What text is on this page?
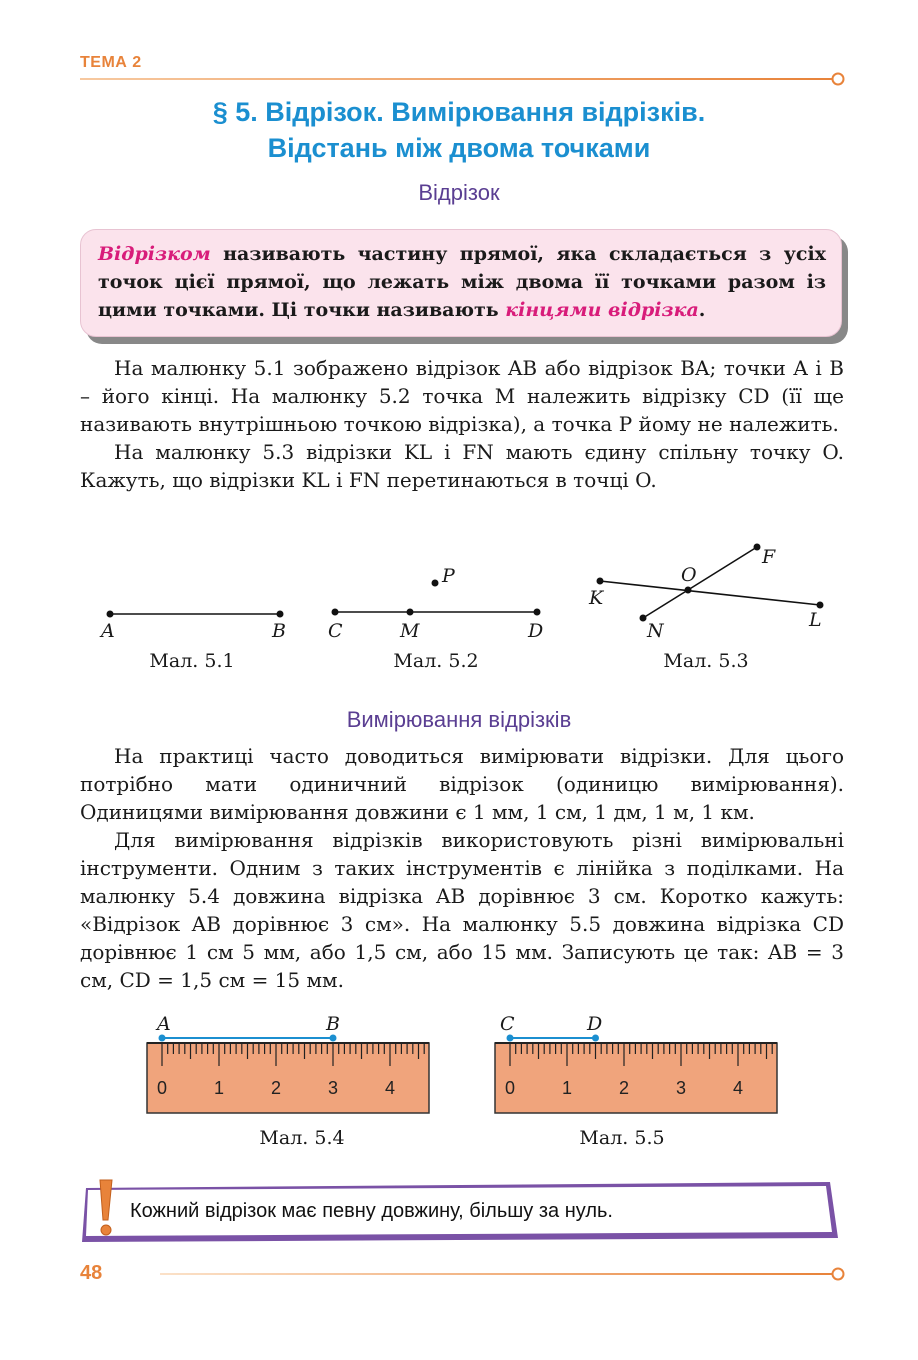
ТЕМА 2
§ 5. Відрізок. Вимірювання відрізків.
Відстань між двома точками
Відрізок
Відрізком називають частину прямої, яка складається з усіх точок цієї прямої, що лежать між двома її точками разом із цими точками. Ці точки називають кінцями відрізка.

На малюнку 5.1 зображено відрізок AB або відрізок BA; точки A і B – його кінці. На малюнку 5.2 точка M належить відрізку CD (її ще називають внутрішньою точкою відрізка), а точка P йому не належить.

На малюнку 5.3 відрізки KL і FN мають єдину спільну точку O. Кажуть, що відрізки KL і FN перетинаються в точці O.

A	B C	M	D
P
K
L
F
N
O
Мал. 5.1	Мал. 5.2	Мал. 5.3
Вимірювання відрізків

На практиці часто доводиться вимірювати відрізки. Для цього потрібно мати одиничний відрізок (одиницю вимірювання). Одиницями вимірювання довжини є 1 мм, 1 см, 1 дм, 1 м, 1 км.

Для вимірювання відрізків використовують різні вимірювальні інструменти. Одним з таких інструментів є лінійка з поділками. На малюнку 5.4 довжина відрізка AB дорівнює 3 см. Коротко кажуть: «Відрізок AB дорівнює 3 см». На малюнку 5.5 довжина відрізка CD дорівнює 1 см 5 мм, або 1,5 см, або 15 мм. Записують це так: AB = 3 см, CD = 1,5 см = 15 мм.

0	1	2	3	4	0	1	2	3	4
A	B	C	D
Мал. 5.4	Мал. 5.5
Кожний відрізок має певну довжину, більшу за нуль.
48
